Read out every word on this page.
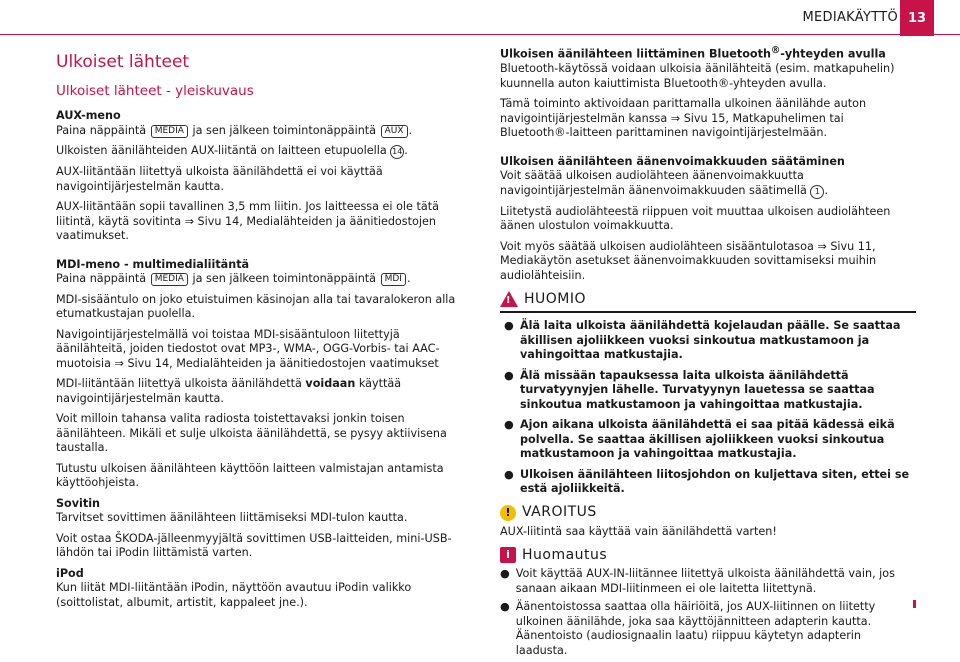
MEDIAKÄYTTÖ 13
Ulkoiset lähteet
Ulkoiset lähteet - yleiskuvaus

AUX-meno

Paina näppäintä MEDIA ja sen jälkeen toimintonäppäintä AUX .

Ulkoisten äänilähteiden AUX-liitäntä on laitteen etupuolella 14 .

AUX-liitäntään liitettyä ulkoista äänilähdettä ei voi käyttää navigointijärjestelmän kautta.

AUX-liitäntään sopii tavallinen 3,5 mm liitin. Jos laitteessa ei ole tätä liitintä, käytä sovitinta ⇒ Sivu 14, Medialähteiden ja äänitiedostojen vaatimukset.

MDI-meno - multimedialiitäntä

Paina näppäintä MEDIA ja sen jälkeen toimintonäppäintä MDI .

MDI-sisääntulo on joko etuistuimen käsinojan alla tai tavaralokeron alla etumatkustajan puolella.

Navigointijärjestelmällä voi toistaa MDI-sisääntuloon liitettyjä äänilähteitä, joiden tiedostot ovat MP3-, WMA-, OGG-Vorbis- tai AAC-muotoisia ⇒ Sivu 14, Medialähteiden ja äänitiedostojen vaatimukset

MDI-liitäntään liitettyä ulkoista äänilähdettä voidaan käyttää navigointijärjestelmän kautta.

Voit milloin tahansa valita radiosta toistettavaksi jonkin toisen äänilähteen. Mikäli et sulje ulkoista äänilähdettä, se pysyy aktiivisena taustalla.

Tutustu ulkoisen äänilähteen käyttöön laitteen valmistajan antamista käyttöohjeista.

Sovitin

Tarvitset sovittimen äänilähteen liittämiseksi MDI-tulon kautta.

Voit ostaa ŠKODA-jälleenmyyjältä sovittimen USB-laitteiden, mini-USB-lähdön tai iPodin liittämistä varten.

iPod

Kun liität MDI-liitäntään iPodin, näyttöön avautuu iPodin valikko (soittolistat, albumit, artistit, kappaleet jne.).

Ulkoisen äänilähteen liittäminen Bluetooth®-yhteyden avulla

Bluetooth-käytössä voidaan ulkoisia äänilähteitä (esim. matkapuhelin) kuunnella auton kaiuttimista Bluetooth®-yhteyden avulla.

Tämä toiminto aktivoidaan parittamalla ulkoinen äänilähde auton navigointijärjestelmän kanssa ⇒ Sivu 15, Matkapuhelimen tai Bluetooth®-laitteen parittaminen navigointijärjestelmään.

Ulkoisen äänilähteen äänenvoimakkuuden säätäminen

Voit säätää ulkoisen audiolähteen äänenvoimakkuutta navigointijärjestelmän äänenvoimakkuuden säätimellä 1 .

Liitetystä audiolähteestä riippuen voit muuttaa ulkoisen audiolähteen äänen ulostulon voimakkuutta.

Voit myös säätää ulkoisen audiolähteen sisääntulotasoa ⇒ Sivu 11, Mediakäytön asetukset äänenvoimakkuuden sovittamiseksi muihin audiolähteisiin.

! HUOMIO
● Älä laita ulkoista äänilähdettä kojelaudan päälle. Se saattaa äkillisen ajoliikkeen vuoksi sinkoutua matkustamoon ja vahingoittaa matkustajia.
● Älä missään tapauksessa laita ulkoista äänilähdettä turvatyynyjen lähelle. Turvatyynyn lauetessa se saattaa sinkoutua matkustamoon ja vahingoittaa matkustajia.
● Ajon aikana ulkoista äänilähdettä ei saa pitää kädessä eikä polvella. Se saattaa äkillisen ajoliikkeen vuoksi sinkoutua matkustamoon ja vahingoittaa matkustajia.
● Ulkoisen äänilähteen liitosjohdon on kuljettava siten, ettei se estä ajoliikkeitä.
! VAROITUS

AUX-liitintä saa käyttää vain äänilähdettä varten!

i Huomautus
● Voit käyttää AUX-IN-liitännee liitettyä ulkoista äänilähdettä vain, jos sanaan aikaan MDI-liitinmeen ei ole laitetta liitettynä.
● Äänentoistossa saattaa olla häiriöitä, jos AUX-liitinnen on liitetty ulkoinen äänilähde, joka saa käyttöjännitteen adapterin kautta. Äänentoisto (audiosignaalin laatu) riippuu käytetyn adapterin laadusta.
